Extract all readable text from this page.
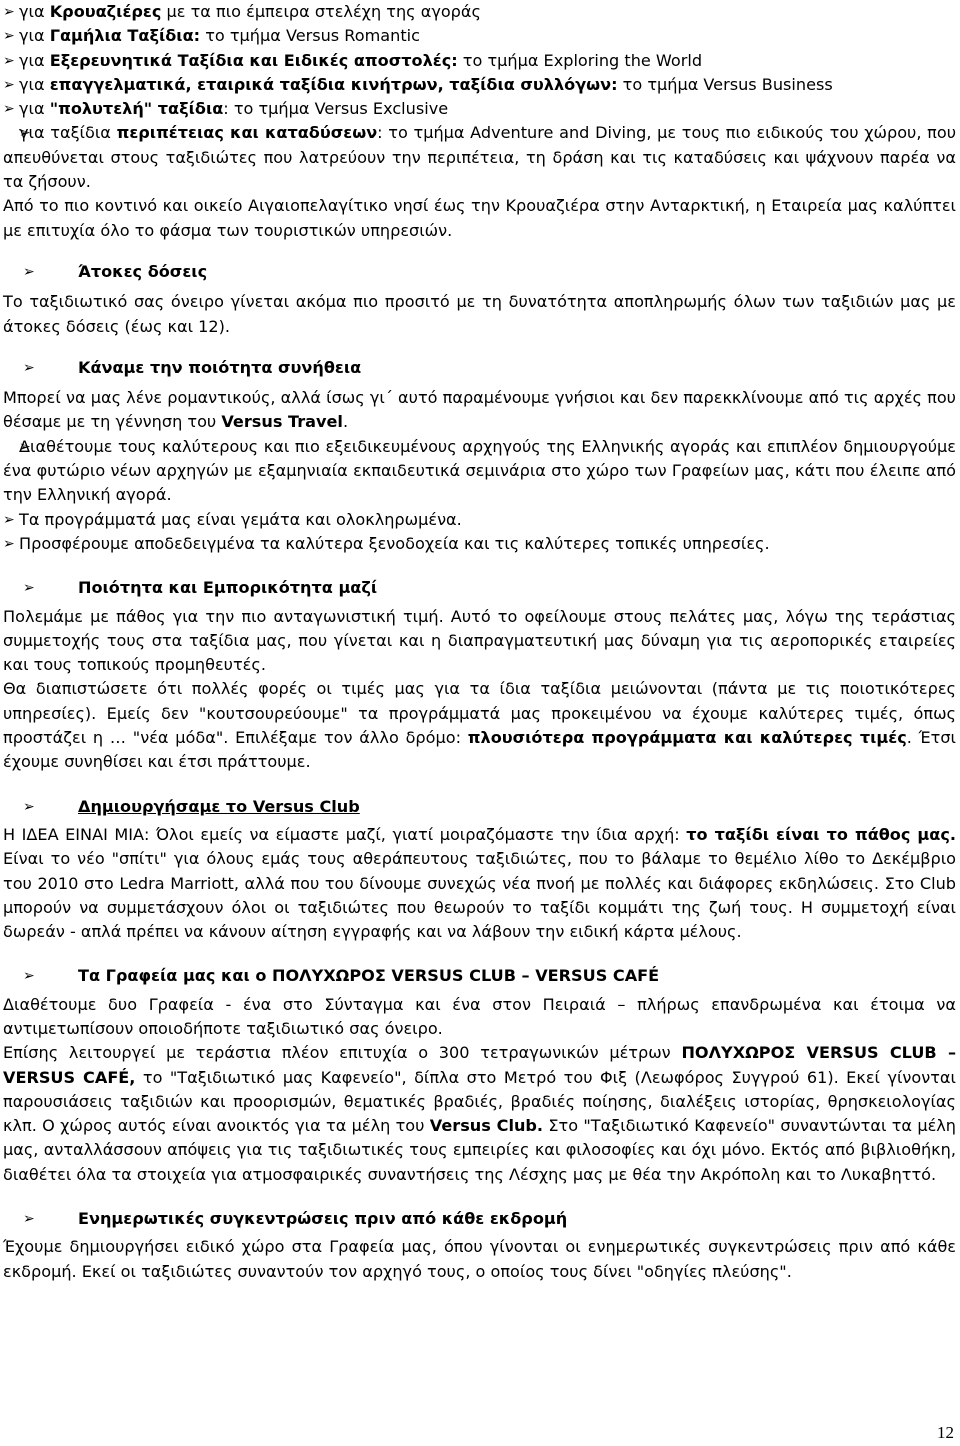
➢ για Κρουαζιέρες με τα πιο έμπειρα στελέχη της αγοράς

➢ για Γαμήλια Ταξίδια: το τμήμα Versus Romantic

➢ για Εξερευνητικά Ταξίδια και Ειδικές αποστολές: το τμήμα Exploring the World

➢ για επαγγελματικά, εταιρικά ταξίδια κινήτρων, ταξίδια συλλόγων: το τμήμα Versus Business

➢ για "πολυτελή" ταξίδια: το τμήμα Versus Exclusive

➢ για ταξίδια περιπέτειας και καταδύσεων: το τμήμα Adventure and Diving, με τους πιο ειδικούς του χώρου, που απευθύνεται στους ταξιδιώτες που λατρεύουν την περιπέτεια, τη δράση και τις καταδύσεις και ψάχνουν παρέα να τα ζήσουν.

Από το πιο κοντινό και οικείο Αιγαιοπελαγίτικο νησί έως την Κρουαζιέρα στην Ανταρκτική, η Εταιρεία μας καλύπτει με επιτυχία όλο το φάσμα των τουριστικών υπηρεσιών.

➢ Άτοκες δόσεις

Το ταξιδιωτικό σας όνειρο γίνεται ακόμα πιο προσιτό με τη δυνατότητα αποπληρωμής όλων των ταξιδιών μας με άτοκες δόσεις (έως και 12).

➢ Κάναμε την ποιότητα συνήθεια

Μπορεί να μας λένε ρομαντικούς, αλλά ίσως γι΄ αυτό παραμένουμε γνήσιοι και δεν παρεκκλίνουμε από τις αρχές που θέσαμε με τη γέννηση του Versus Travel.

➢ Διαθέτουμε τους καλύτερους και πιο εξειδικευμένους αρχηγούς της Ελληνικής αγοράς και επιπλέον δημιουργούμε ένα φυτώριο νέων αρχηγών με εξαμηνιαία εκπαιδευτικά σεμινάρια στο χώρο των Γραφείων μας, κάτι που έλειπε από την Ελληνική αγορά.

➢ Τα προγράμματά μας είναι γεμάτα και ολοκληρωμένα.

➢ Προσφέρουμε αποδεδειγμένα τα καλύτερα ξενοδοχεία και τις καλύτερες τοπικές υπηρεσίες.

➢ Ποιότητα και Εμπορικότητα μαζί

Πολεμάμε με πάθος για την πιο ανταγωνιστική τιμή. Αυτό το οφείλουμε στους πελάτες μας, λόγω της τεράστιας συμμετοχής τους στα ταξίδια μας, που γίνεται και η διαπραγματευτική μας δύναμη για τις αεροπορικές εταιρείες και τους τοπικούς προμηθευτές.

Θα διαπιστώσετε ότι πολλές φορές οι τιμές μας για τα ίδια ταξίδια μειώνονται (πάντα με τις ποιοτικότερες υπηρεσίες). Εμείς δεν "κουτσουρεύουμε" τα προγράμματά μας προκειμένου να έχουμε καλύτερες τιμές, όπως προστάζει η … "νέα μόδα". Επιλέξαμε τον άλλο δρόμο: πλουσιότερα προγράμματα και καλύτερες τιμές. Έτσι έχουμε συνηθίσει και έτσι πράττουμε.

➢ Δημιουργήσαμε το Versus Club

Η ΙΔΕΑ ΕΙΝΑΙ ΜΙΑ: Όλοι εμείς να είμαστε μαζί, γιατί μοιραζόμαστε την ίδια αρχή: το ταξίδι είναι το πάθος μας. Είναι το νέο "σπίτι" για όλους εμάς τους αθεράπευτους ταξιδιώτες, που το βάλαμε το θεμέλιο λίθο το Δεκέμβριο του 2010 στο Ledra Marriott, αλλά που του δίνουμε συνεχώς νέα πνοή με πολλές και διάφορες εκδηλώσεις. Στο Club μπορούν να συμμετάσχουν όλοι οι ταξιδιώτες που θεωρούν το ταξίδι κομμάτι της ζωή τους. Η συμμετοχή είναι δωρεάν - απλά πρέπει να κάνουν αίτηση εγγραφής και να λάβουν την ειδική κάρτα μέλους.

➢ Τα Γραφεία μας και ο ΠΟΛΥΧΩΡΟΣ VERSUS CLUB – VERSUS CAFÉ

Διαθέτουμε δυο Γραφεία - ένα στο Σύνταγμα και ένα στον Πειραιά – πλήρως επανδρωμένα και έτοιμα να αντιμετωπίσουν οποιοδήποτε ταξιδιωτικό σας όνειρο.

Επίσης λειτουργεί με τεράστια πλέον επιτυχία ο 300 τετραγωνικών μέτρων ΠΟΛΥΧΩΡΟΣ VERSUS CLUB – VERSUS CAFÉ, το "Ταξιδιωτικό μας Καφενείο", δίπλα στο Μετρό του Φιξ (Λεωφόρος Συγγρού 61). Εκεί γίνονται παρουσιάσεις ταξιδιών και προορισμών, θεματικές βραδιές, βραδιές ποίησης, διαλέξεις ιστορίας, θρησκειολογίας κλπ. Ο χώρος αυτός είναι ανοικτός για τα μέλη του Versus Club. Στο "Ταξιδιωτικό Καφενείο" συναντώνται τα μέλη μας, ανταλλάσσουν απόψεις για τις ταξιδιωτικές τους εμπειρίες και φιλοσοφίες και όχι μόνο. Εκτός από βιβλιοθήκη, διαθέτει όλα τα στοιχεία για ατμοσφαιρικές συναντήσεις της Λέσχης μας με θέα την Ακρόπολη και το Λυκαβηττό.

➢ Ενημερωτικές συγκεντρώσεις πριν από κάθε εκδρομή

Έχουμε δημιουργήσει ειδικό χώρο στα Γραφεία μας, όπου γίνονται οι ενημερωτικές συγκεντρώσεις πριν από κάθε εκδρομή. Εκεί οι ταξιδιώτες συναντούν τον αρχηγό τους, ο οποίος τους δίνει "οδηγίες πλεύσης".

12
